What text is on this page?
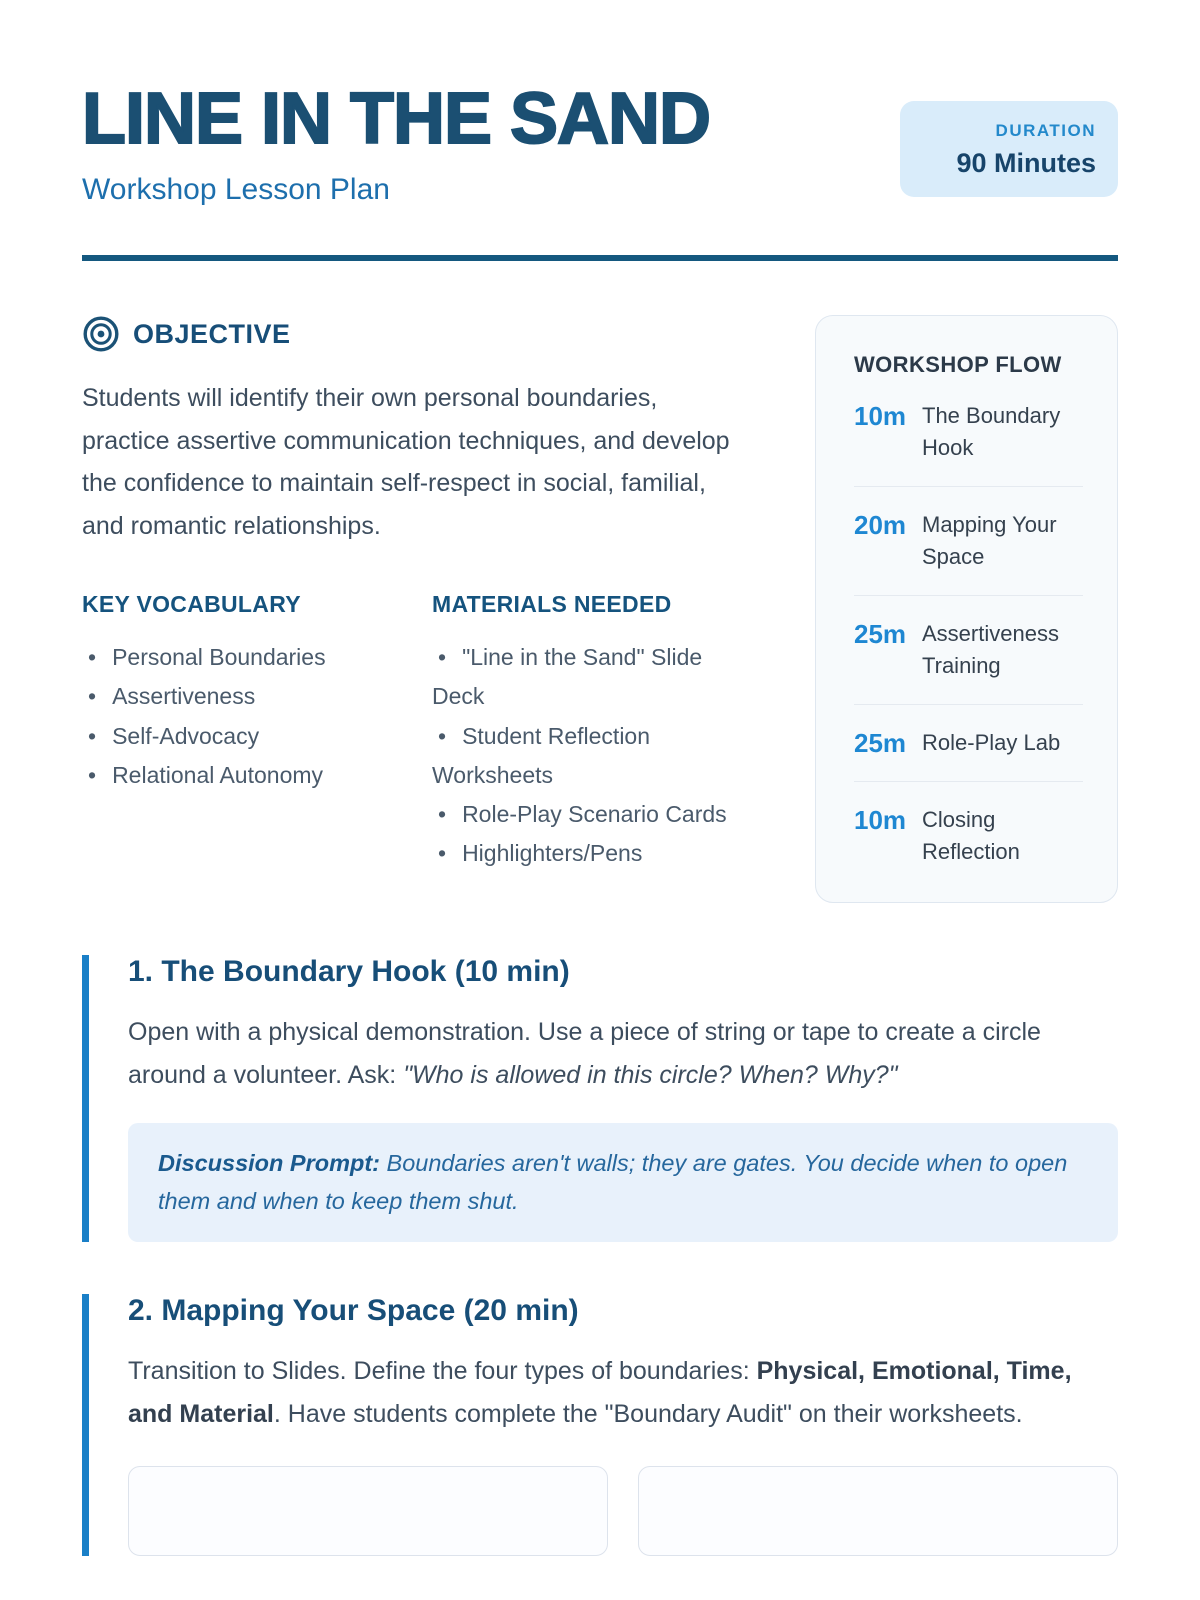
LINE IN THE SAND
Workshop Lesson Plan
DURATION
90 Minutes
OBJECTIVE

Students will identify their own personal boundaries, practice assertive communication techniques, and develop the confidence to maintain self-respect in social, familial, and romantic relationships.

KEY VOCABULARY
• Personal Boundaries
• Assertiveness
• Self-Advocacy
• Relational Autonomy
MATERIALS NEEDED
• "Line in the Sand" Slide Deck
• Student Reflection Worksheets
• Role-Play Scenario Cards
• Highlighters/Pens
WORKSHOP FLOW
10m The Boundary Hook
20m Mapping Your Space
25m Assertiveness Training
25m Role-Play Lab
10m Closing Reflection
1. The Boundary Hook (10 min)

Open with a physical demonstration. Use a piece of string or tape to create a circle around a volunteer. Ask: "Who is allowed in this circle? When? Why?"

Discussion Prompt: Boundaries aren't walls; they are gates. You decide when to open them and when to keep them shut.
2. Mapping Your Space (20 min)

Transition to Slides. Define the four types of boundaries: Physical, Emotional, Time, and Material. Have students complete the "Boundary Audit" on their worksheets.
